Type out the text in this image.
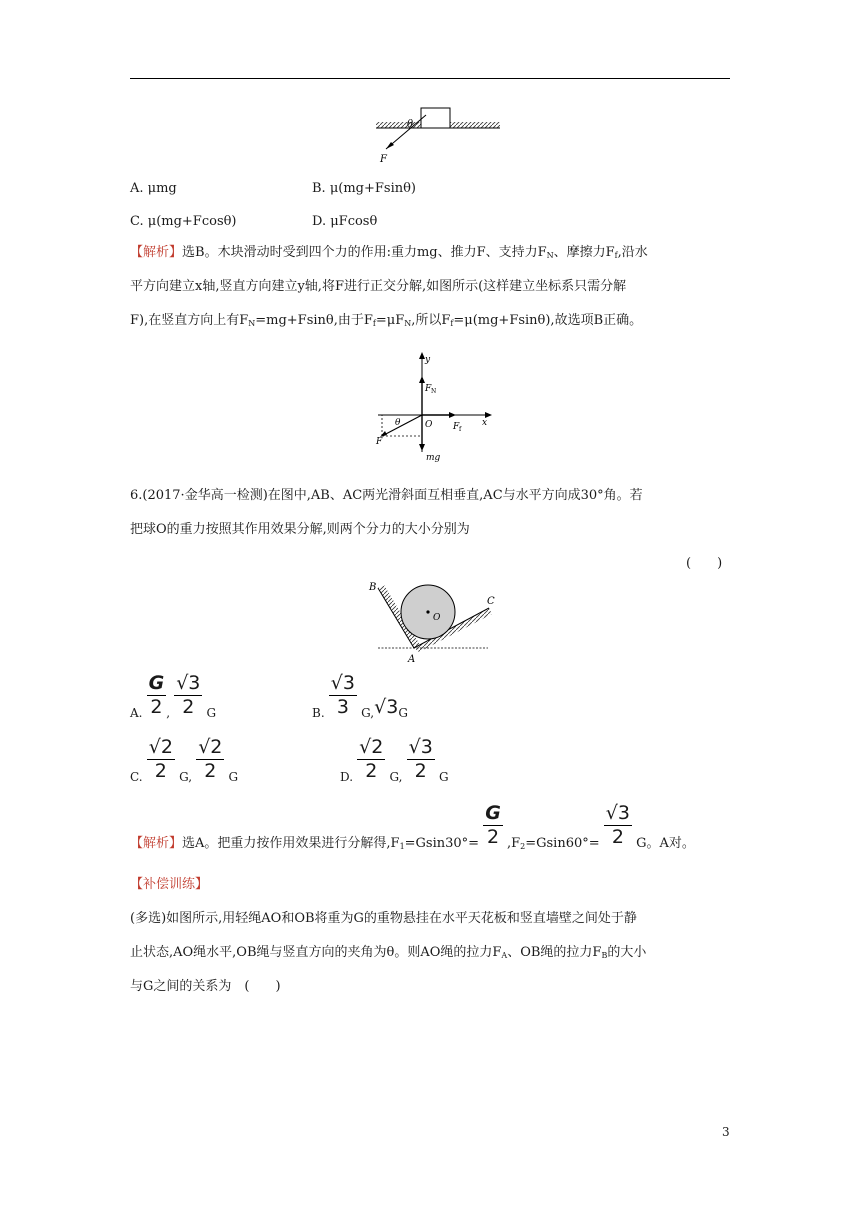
θ
F
A. μmg	B. μ(mg+Fsinθ)
C. μ(mg+Fcosθ)	D. μFcosθ
【解析】选B。木块滑动时受到四个力的作用:重力mg、推力F、支持力$F_N$、摩擦力$F_f$,沿水
平方向建立x轴,竖直方向建立y轴,将F进行正交分解,如图所示(这样建立坐标系只需分解
F),在竖直方向上有$F_N=mg+Fsin\theta$,由于$F_f=\mu F_N$,所以$F_f=\mu(mg+Fsin\theta)$,故选项B正确。
y
F N
θ	O F f
x
F
mg
6.(2017·金华高一检测)在图中,AB、AC两光滑斜面互相垂直,AC与水平方向成30°角。若
把球O的重力按照其作用效果分解,则两个分力的大小分别为
(　　)
B
O
C
A
A. $\frac{G}{2}$ , $\frac{√3}{2}$ G	B. $\frac{√3}{3} G,√3G$
C. $\frac{√2}{2} G$, $\frac{√2}{2}$ G	D. $\frac{√2}{2} G$, $\frac{√3}{2}$ G
【解析】选A。把重力按作用效果进行分解得$,F_1=Gsin30^\circ= \frac{G}{2} ,F_2=Gsin60^\circ= \frac{√3}{2}$ G。A对。
【补偿训练】
(多选)如图所示,用轻绳AO和OB将重为G的重物悬挂在水平天花板和竖直墙壁之间处于静
止状态,AO绳水平,OB绳与竖直方向的夹角为θ。则AO绳的拉力$F_A$、OB绳的拉力$F_B$的大小
与G之间的关系为　(　　)
3
